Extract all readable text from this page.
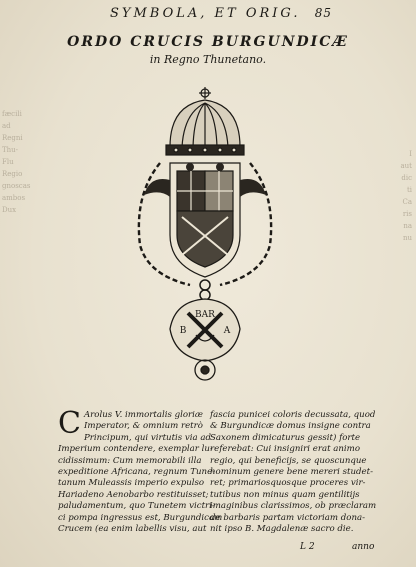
fæcili
ad
Regni
Thu-
Flu
Regio
gnoscas
ambos
Dux
I
aut
dic
ti
Ca
ris
na
nu
SYMBOLA, ET ORIG. 85
ORDO CRUCIS BURGUNDICÆ
in Regno Thunetano.
BAR
B	A
C Arolus V. immortalis gloriæ
Imperator, & omnium retrò
Principum, qui virtutis via ad
Imperium contendere, exemplar lu-
cidissimum: Cum memorabili illa
expeditione Africana, regnum Tune-
tanum Muleassis imperio expulso
Hariadeno Aenobarbo restituisset;
paludamentum, quo Tunetem victri-
ci pompa ingressus est, Burgundicam
Crucem (ea enim labellis visu, aut
fascia punicei coloris decussata, quod
& Burgundicæ domus insigne contra
Saxonem dimicaturus gessit) forte
referebat: Cui insigniri erat animo
regio, qui beneficijs, se quoscunque
hominum genere bene mereri studet-
ret; primariosquosque proceres vir-
tutibus non minus quam gentilitijs
imaginibus clarissimos, ob præclaram
de barbaris partam victoriam dona-
nit ipso B. Magdalenæ sacro die.
L 2	anno
